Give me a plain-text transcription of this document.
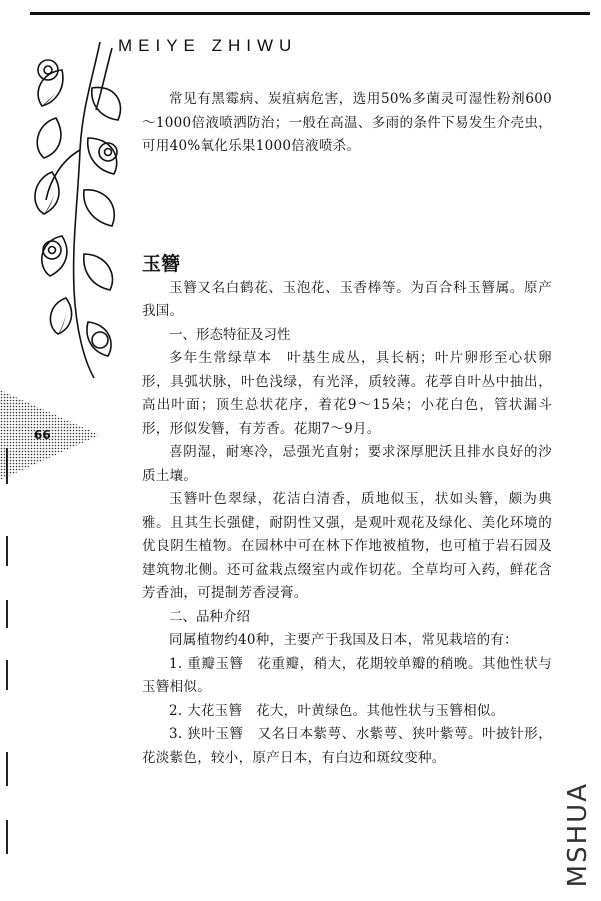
MEIYE ZHIWU
66

常见有黑霉病、炭疽病危害，选用50%多菌灵可湿性粉剂600～1000倍液喷洒防治；一般在高温、多雨的条件下易发生介壳虫，可用40%氧化乐果1000倍液喷杀。

玉簪

玉簪又名白鹤花、玉泡花、玉香棒等。为百合科玉簪属。原产我国。

一、形态特征及习性

多年生常绿草本　叶基生成丛，具长柄；叶片卵形至心状卵形，具弧状脉，叶色浅绿，有光泽，质较薄。花葶自叶丛中抽出，高出叶面；顶生总状花序，着花9～15朵；小花白色，管状漏斗形，形似发簪，有芳香。花期7～9月。

喜阴湿，耐寒冷，忌强光直射；要求深厚肥沃且排水良好的沙质土壤。

玉簪叶色翠绿，花洁白清香，质地似玉，状如头簪，颇为典雅。且其生长强健，耐阴性又强，是观叶观花及绿化、美化环境的优良阴生植物。在园林中可在林下作地被植物，也可植于岩石园及建筑物北侧。还可盆栽点缀室内或作切花。全草均可入药，鲜花含芳香油，可提制芳香浸膏。

二、品种介绍

同属植物约40种，主要产于我国及日本，常见栽培的有：

1. 重瓣玉簪　花重瓣，稍大，花期较单瓣的稍晚。其他性状与玉簪相似。

2. 大花玉簪　花大，叶黄绿色。其他性状与玉簪相似。

3. 狭叶玉簪　又名日本紫萼、水紫萼、狭叶紫萼。叶披针形，花淡紫色，较小，原产日本，有白边和斑纹变种。

MSHUA
